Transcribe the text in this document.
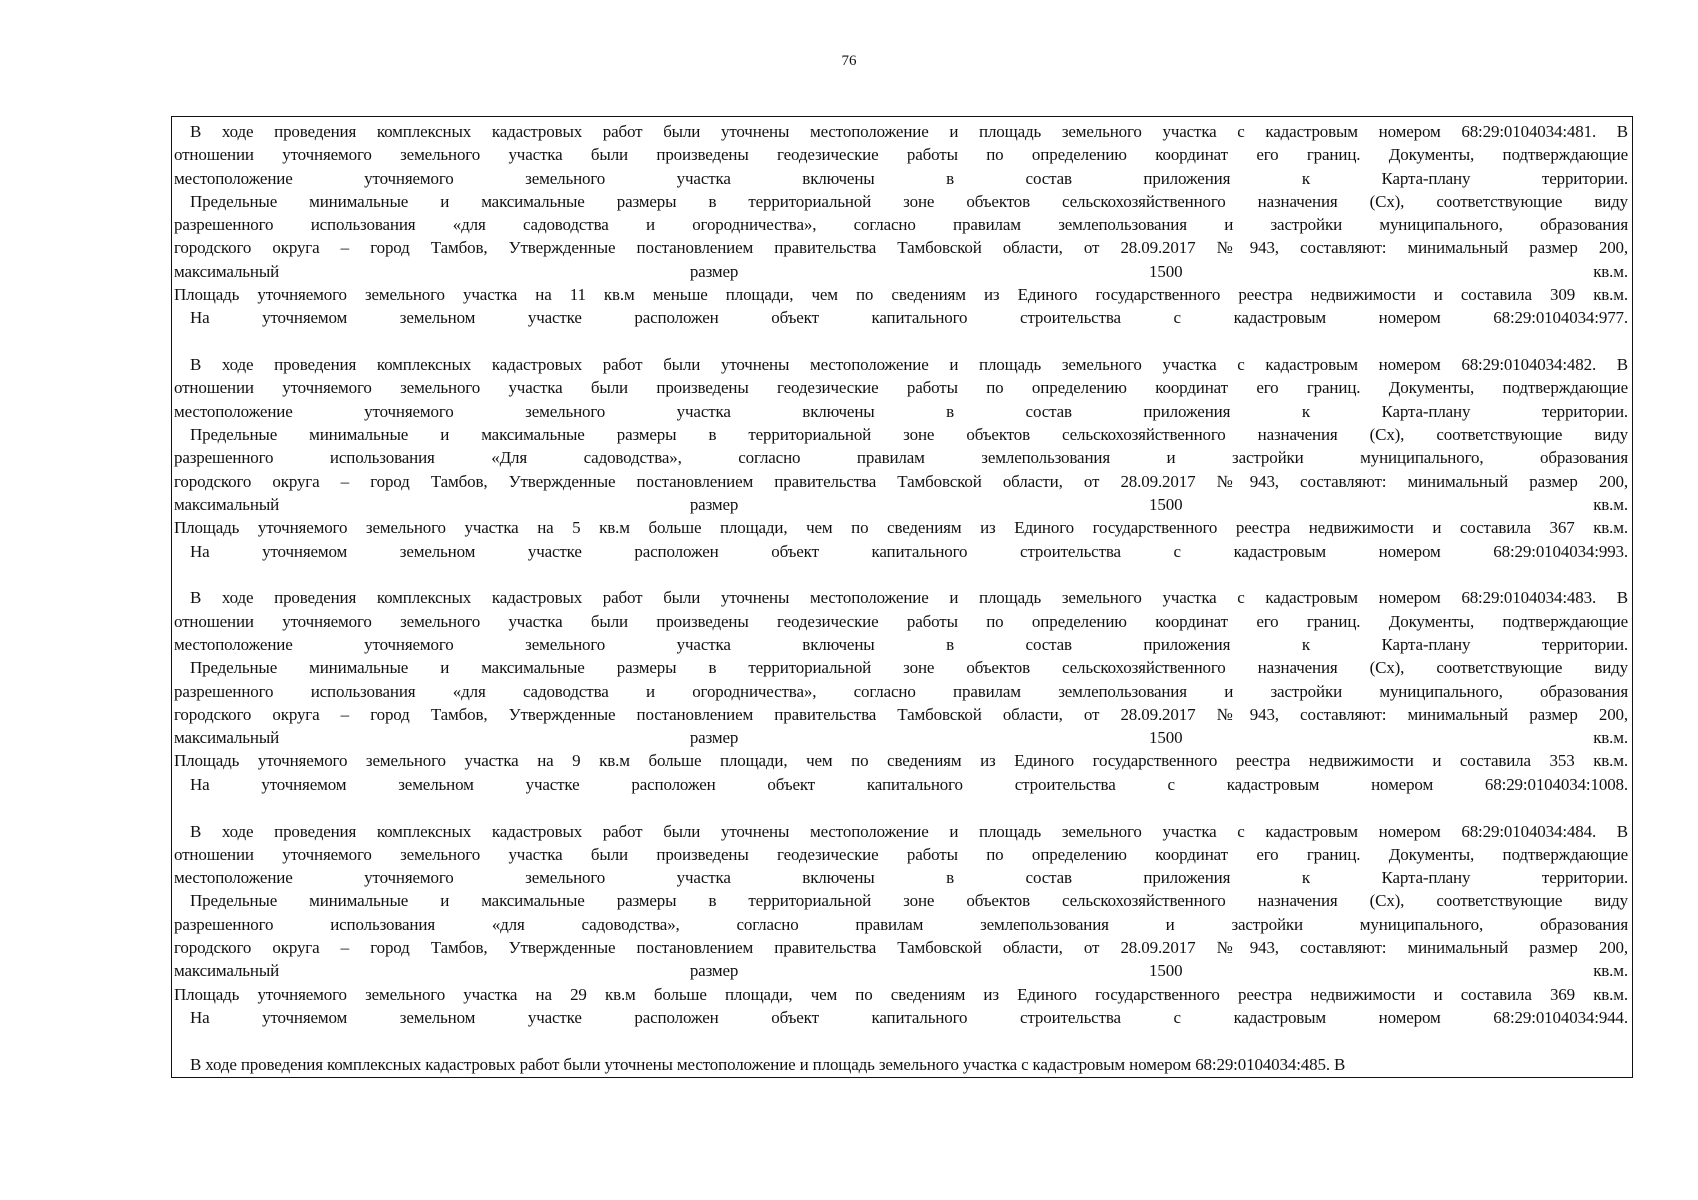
76
В ходе проведения комплексных кадастровых работ были уточнены местоположение и площадь земельного участка с кадастровым номером 68:29:0104034:481. В
отношении уточняемого земельного участка были произведены геодезические работы по определению координат его границ. Документы, подтверждающие
местоположение уточняемого земельного участка включены в состав приложения к Карта-плану территории.
Предельные минимальные и максимальные размеры в территориальной зоне объектов сельскохозяйственного назначения (Сх), соответствующие виду
разрешенного использования «для садоводства и огородничества», согласно правилам землепользования и застройки муниципального, образования
городского округа – город Тамбов, Утвержденные постановлением правительства Тамбовской области, от 28.09.2017 №943, составляют: минимальный размер 200,
максимальный размер 1500 кв.м.
Площадь уточняемого земельного участка на 11 кв.м меньше площади, чем по сведениям из Единого государственного реестра недвижимости и составила 309 кв.м.
На уточняемом земельном участке расположен объект капитального строительства с кадастровым номером 68:29:0104034:977.
В ходе проведения комплексных кадастровых работ были уточнены местоположение и площадь земельного участка с кадастровым номером 68:29:0104034:482. В
отношении уточняемого земельного участка были произведены геодезические работы по определению координат его границ. Документы, подтверждающие
местоположение уточняемого земельного участка включены в состав приложения к Карта-плану территории.
Предельные минимальные и максимальные размеры в территориальной зоне объектов сельскохозяйственного назначения (Сх), соответствующие виду
разрешенного использования «Для садоводства», согласно правилам землепользования и застройки муниципального, образования
городского округа – город Тамбов, Утвержденные постановлением правительства Тамбовской области, от 28.09.2017 №943, составляют: минимальный размер 200,
максимальный размер 1500 кв.м.
Площадь уточняемого земельного участка на 5 кв.м больше площади, чем по сведениям из Единого государственного реестра недвижимости и составила 367 кв.м.
На уточняемом земельном участке расположен объект капитального строительства с кадастровым номером 68:29:0104034:993.
В ходе проведения комплексных кадастровых работ были уточнены местоположение и площадь земельного участка с кадастровым номером 68:29:0104034:483. В
отношении уточняемого земельного участка были произведены геодезические работы по определению координат его границ. Документы, подтверждающие
местоположение уточняемого земельного участка включены в состав приложения к Карта-плану территории.
Предельные минимальные и максимальные размеры в территориальной зоне объектов сельскохозяйственного назначения (Сх), соответствующие виду
разрешенного использования «для садоводства и огородничества», согласно правилам землепользования и застройки муниципального, образования
городского округа – город Тамбов, Утвержденные постановлением правительства Тамбовской области, от 28.09.2017 №943, составляют: минимальный размер 200,
максимальный размер 1500 кв.м.
Площадь уточняемого земельного участка на 9 кв.м больше площади, чем по сведениям из Единого государственного реестра недвижимости и составила 353 кв.м.
На уточняемом земельном участке расположен объект капитального строительства с кадастровым номером 68:29:0104034:1008.
В ходе проведения комплексных кадастровых работ были уточнены местоположение и площадь земельного участка с кадастровым номером 68:29:0104034:484. В
отношении уточняемого земельного участка были произведены геодезические работы по определению координат его границ. Документы, подтверждающие
местоположение уточняемого земельного участка включены в состав приложения к Карта-плану территории.
Предельные минимальные и максимальные размеры в территориальной зоне объектов сельскохозяйственного назначения (Сх), соответствующие виду
разрешенного использования «для садоводства», согласно правилам землепользования и застройки муниципального, образования
городского округа – город Тамбов, Утвержденные постановлением правительства Тамбовской области, от 28.09.2017 №943, составляют: минимальный размер 200,
максимальный размер 1500 кв.м.
Площадь уточняемого земельного участка на 29 кв.м больше площади, чем по сведениям из Единого государственного реестра недвижимости и составила 369 кв.м.
На уточняемом земельном участке расположен объект капитального строительства с кадастровым номером 68:29:0104034:944.
В ходе проведения комплексных кадастровых работ были уточнены местоположение и площадь земельного участка с кадастровым номером 68:29:0104034:485. В
